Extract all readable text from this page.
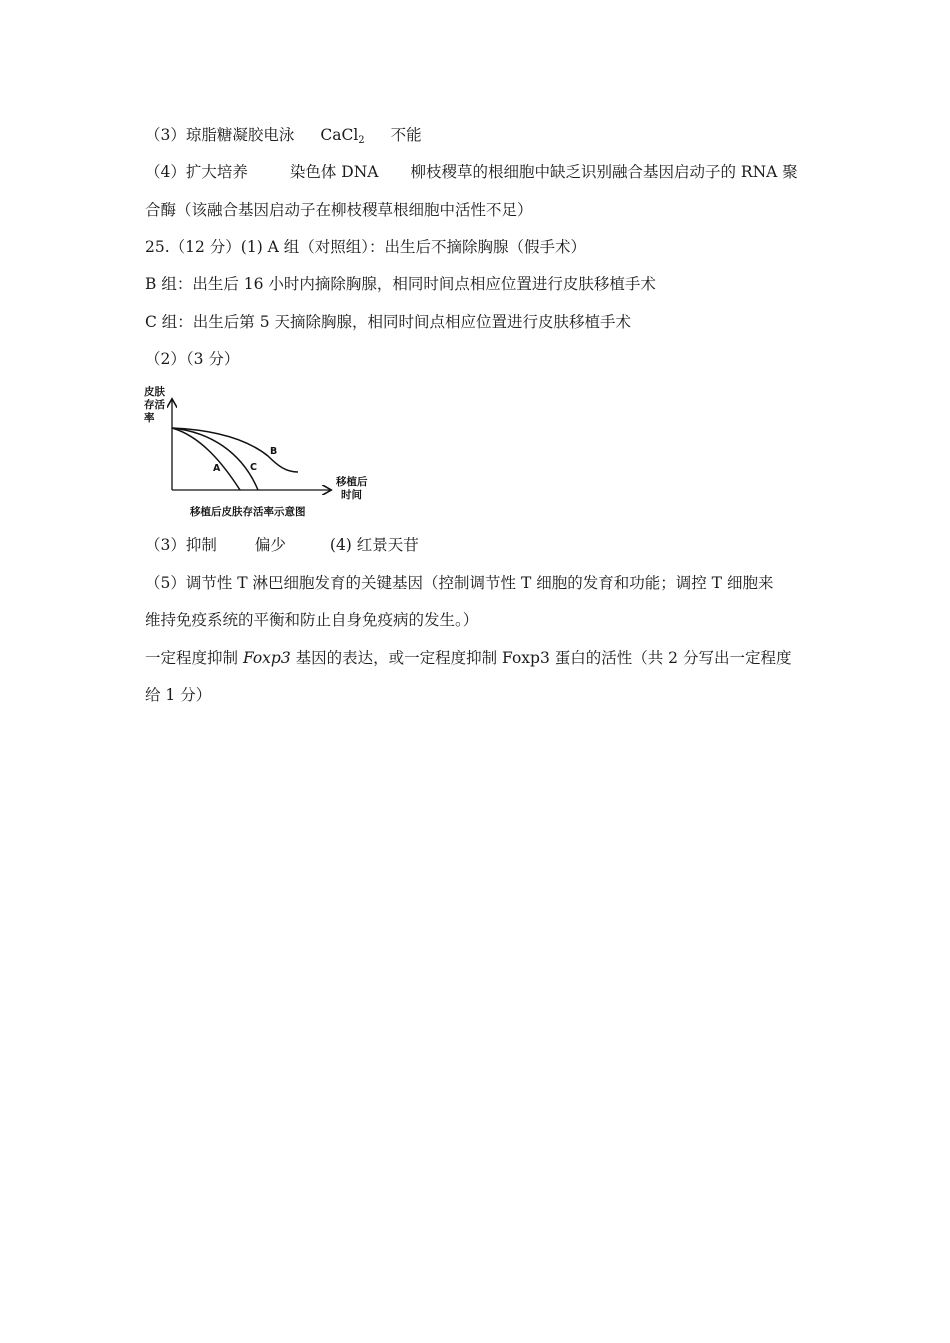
（3）琼脂糖凝胶电泳 CaCl$_2$ 不能
（4）扩大培养	染色体 DNA 柳枝稷草的根细胞中缺乏识别融合基因启动子的 RNA 聚
合酶（该融合基因启动子在柳枝稷草根细胞中活性不足）
25.（12 分）(1) A 组（对照组）：出生后不摘除胸腺（假手术）
B 组：出生后 16 小时内摘除胸腺，相同时间点相应位置进行皮肤移植手术
C 组：出生后第 5 天摘除胸腺，相同时间点相应位置进行皮肤移植手术
（2）（3 分）
皮肤
存活
率
A	C
B
移植后
时间
移植后皮肤存活率示意图
（3）抑制 偏少	(4) 红景天苷
（5）调节性 T 淋巴细胞发育的关键基因（控制调节性 T 细胞的发育和功能；调控 T 细胞来
维持免疫系统的平衡和防止自身免疫病的发生。）
一定程度抑制 Foxp3 基因的表达，或一定程度抑制 Foxp3 蛋白的活性（共 2 分写出一定程度
给 1 分）
